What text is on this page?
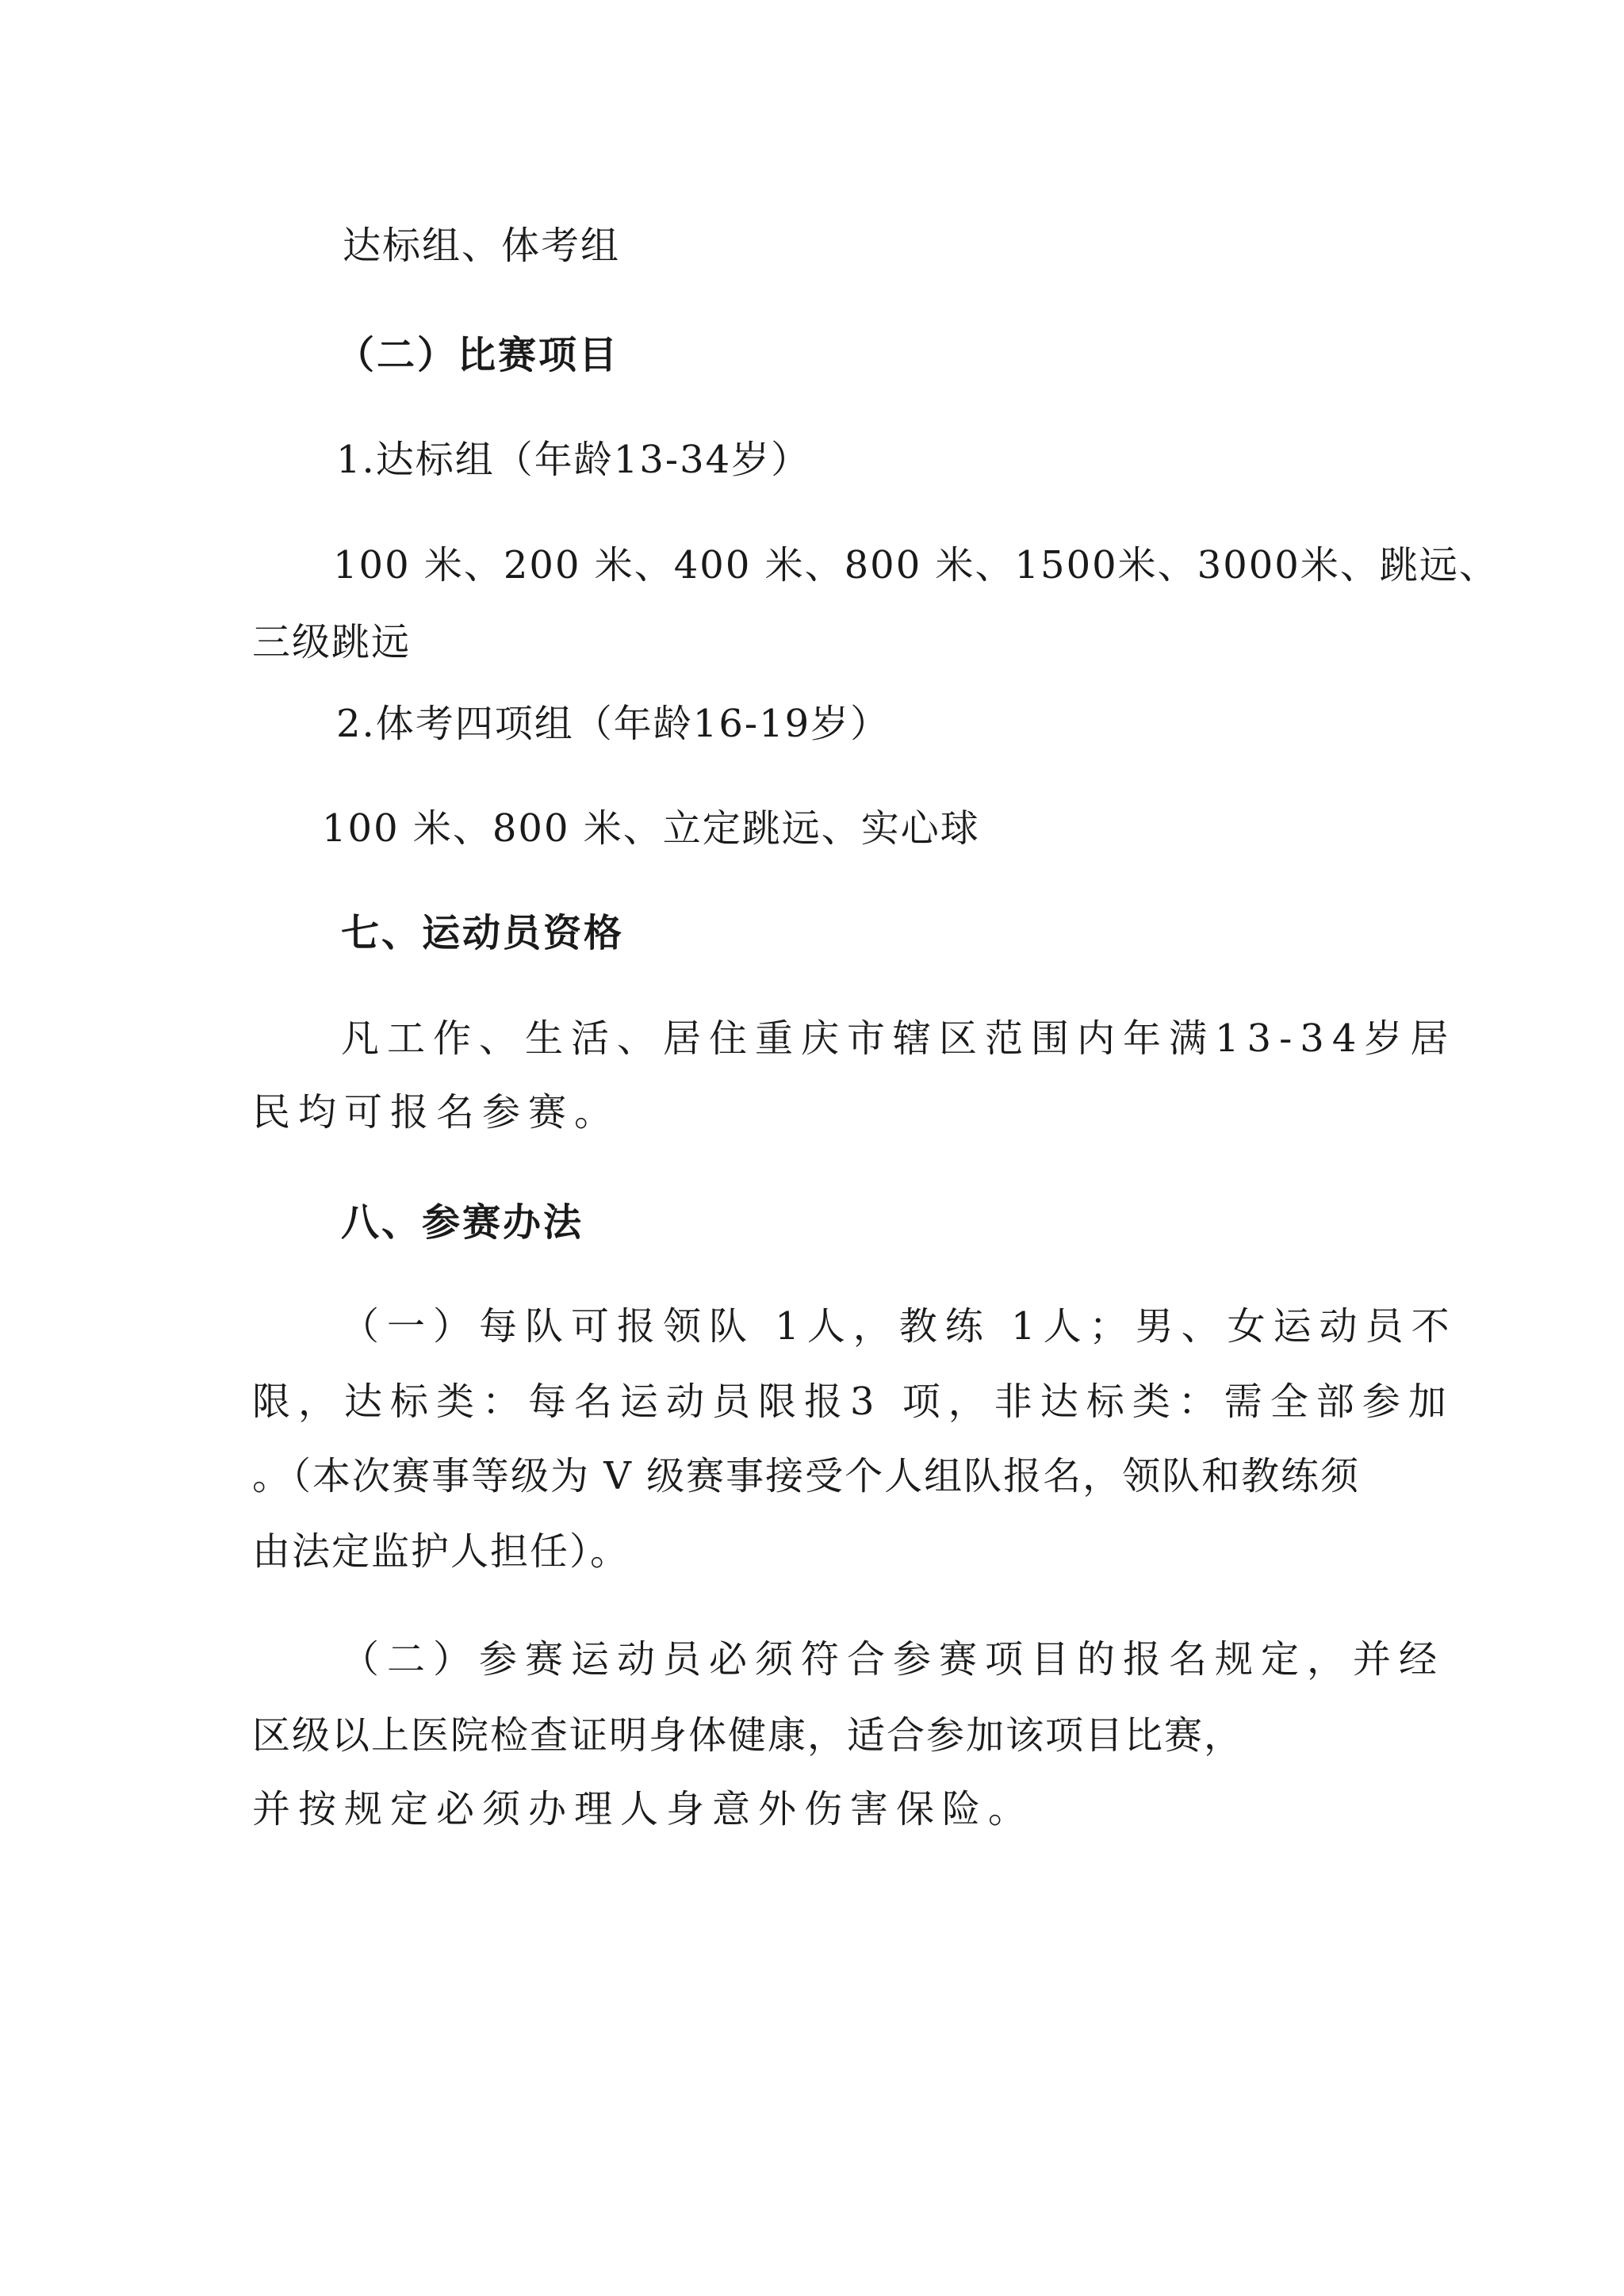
达标组、体考组
（二）比赛项目
1.达标组（年龄13-34岁）
100 米、200 米、400 米、800 米、1500米、3000米、跳远、
三级跳远
2.体考四项组（年龄16-19岁）
100 米、800 米、立定跳远、实心球
七、运动员资格
凡工作、生活、居住重庆市辖区范围内年满13-34岁居
民均可报名参赛。
八、参赛办法
（一）每队可报领队 1人，教练 1人；男、女运动员不
限，达标类：每名运动员限报3 项，非达标类：需全部参加
。（本次赛事等级为 V 级赛事接受个人组队报名，领队和教练须
由法定监护人担任）。
（二）参赛运动员必须符合参赛项目的报名规定，并经
区级以上医院检查证明身体健康，适合参加该项目比赛，
并按规定必须办理人身意外伤害保险。
